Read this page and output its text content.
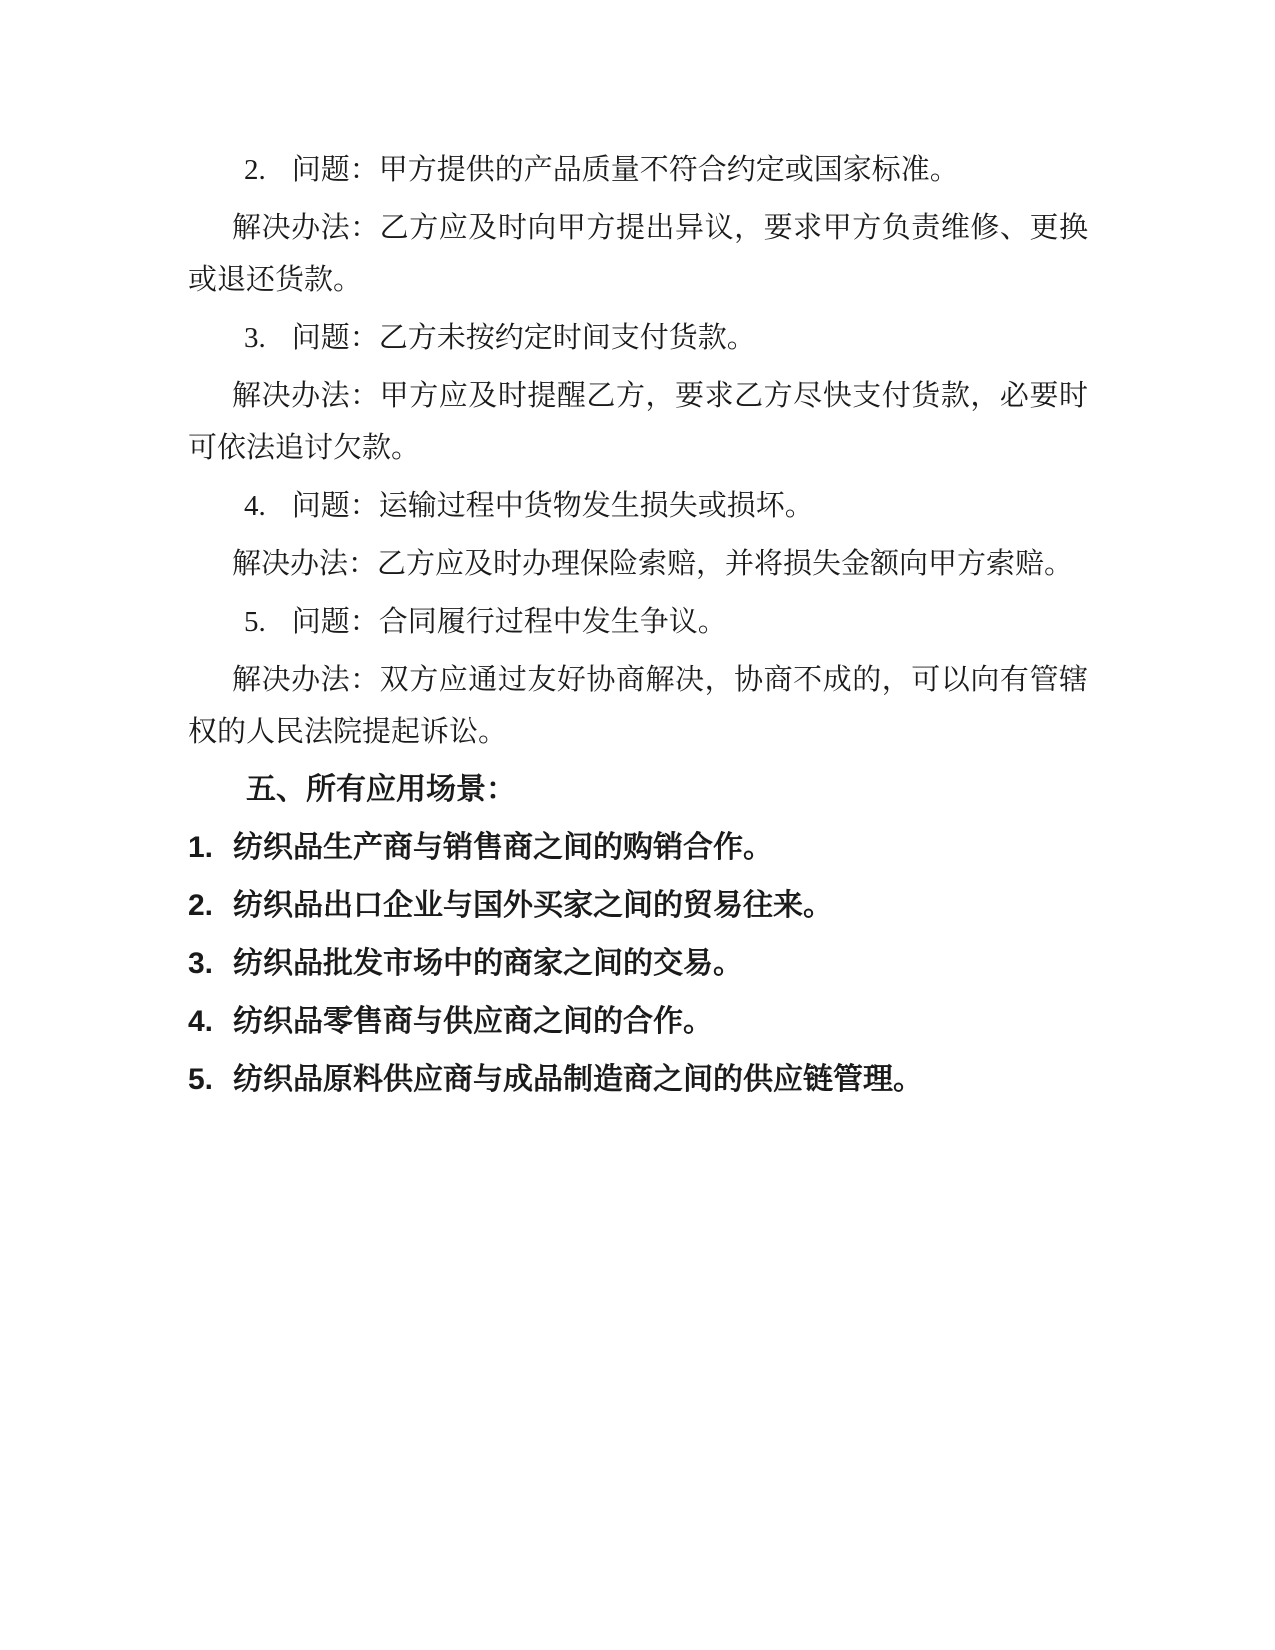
2. 问题：甲方提供的产品质量不符合约定或国家标准。

解决办法：乙方应及时向甲方提出异议，要求甲方负责维修、更换或退还货款。

3. 问题：乙方未按约定时间支付货款。

解决办法：甲方应及时提醒乙方，要求乙方尽快支付货款，必要时可依法追讨欠款。

4. 问题：运输过程中货物发生损失或损坏。

解决办法：乙方应及时办理保险索赔，并将损失金额向甲方索赔。

5. 问题：合同履行过程中发生争议。

解决办法：双方应通过友好协商解决，协商不成的，可以向有管辖权的人民法院提起诉讼。

五、所有应用场景：

1. 纺织品生产商与销售商之间的购销合作。

2. 纺织品出口企业与国外买家之间的贸易往来。

3. 纺织品批发市场中的商家之间的交易。

4. 纺织品零售商与供应商之间的合作。

5. 纺织品原料供应商与成品制造商之间的供应链管理。
